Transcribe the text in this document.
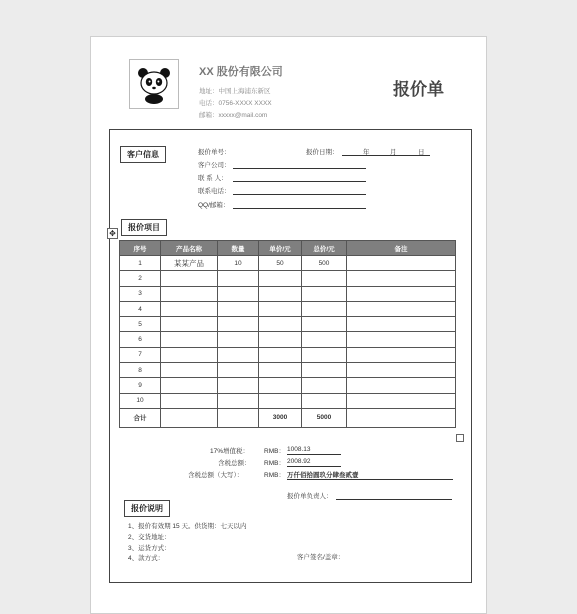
XX 股份有限公司
地址：中国上海浦东新区
电话：0756-XXXX XXXX
邮箱：xxxxx@mail.com
报价单
客户信息	报价单号：	报价日期：	年	月	日
客户公司：
联 系 人：
联系电话：
QQ/邮箱：
报价项目
✥
序号	产品名称	数量	单价/元	总价/元	备注
1	某某产品	10	50	500	
2					
3					
4					
5					
6					
7					
8					
9					
10					
合计			3000	5000	
17%增值税： RMB： 1008.13
含税总额： RMB： 2008.92
含税总额（大写）：	RMB： 万仟佰拾圆玖分肆叁贰壹
报价单负责人：
报价说明
1、报价有效期 15 天。供货期：七天以内
2、交货地址：
3、运货方式：
4、款方式：	客户签名/盖章：
